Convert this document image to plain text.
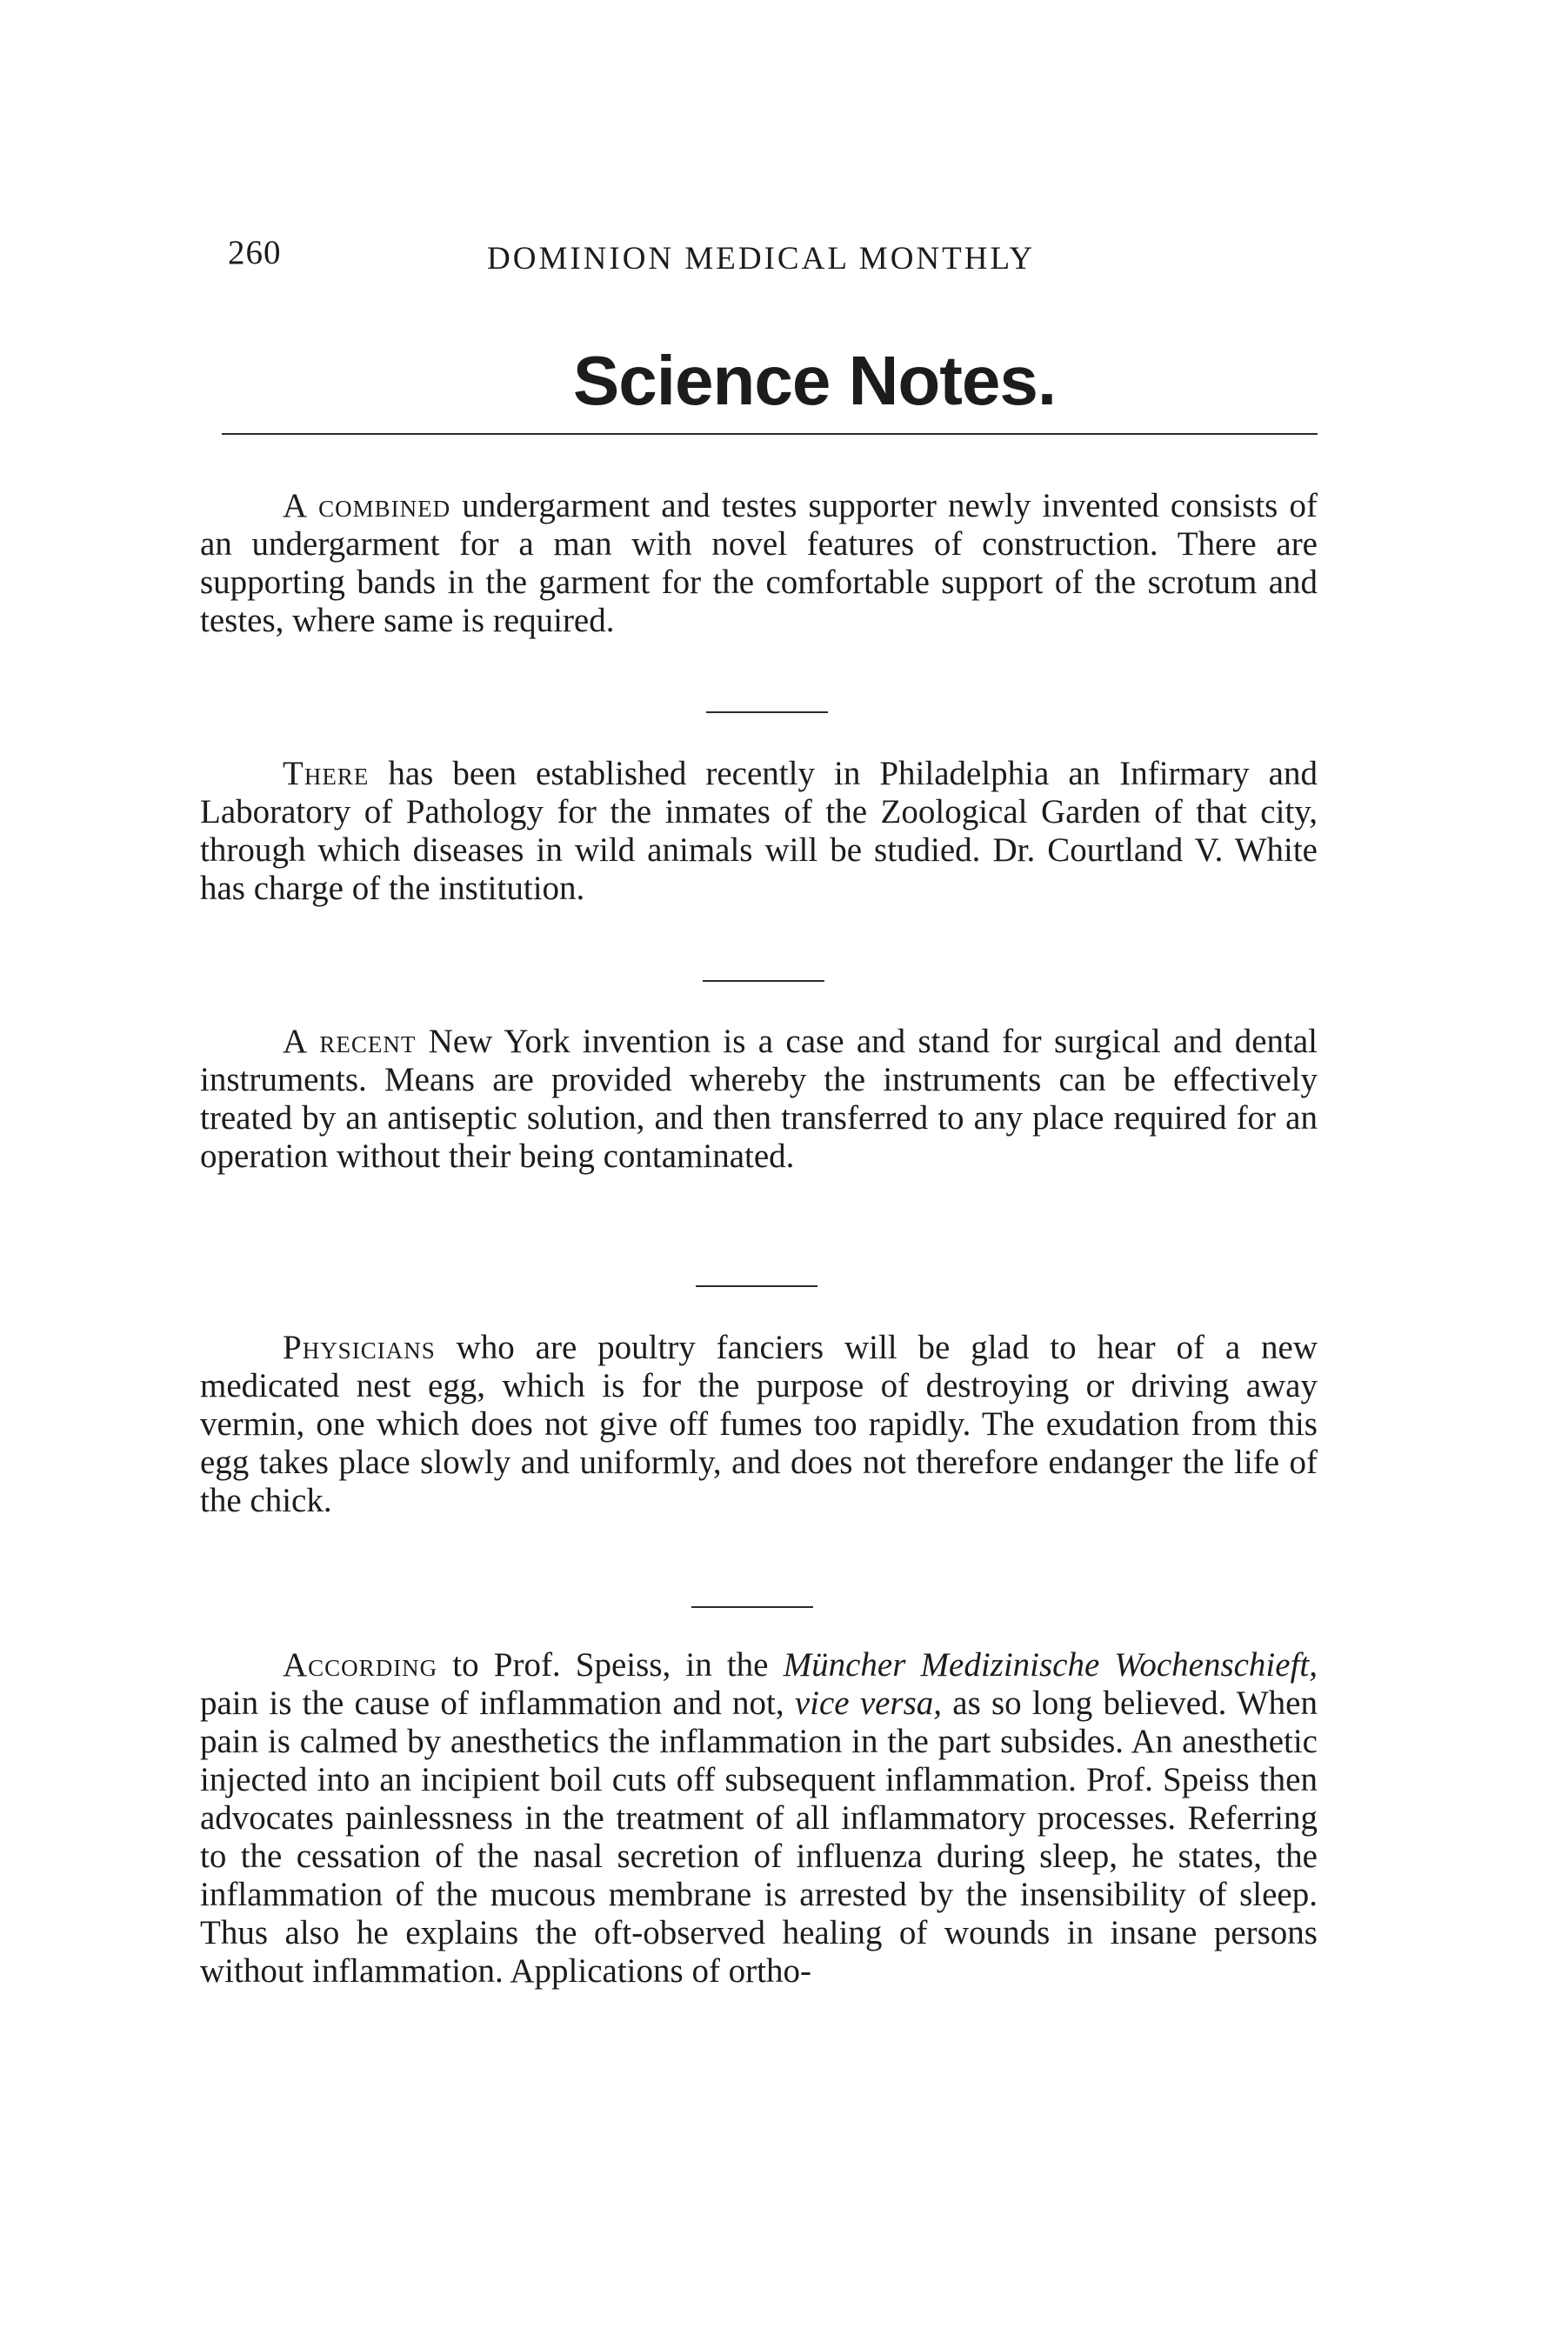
260	DOMINION MEDICAL MONTHLY
Science Notes.

A combined undergarment and testes supporter newly invented consists of an undergarment for a man with novel features of construction. There are supporting bands in the garment for the comfortable support of the scrotum and testes, where same is required.

There has been established recently in Philadelphia an Infirmary and Laboratory of Pathology for the inmates of the Zoological Garden of that city, through which diseases in wild animals will be studied. Dr. Courtland V. White has charge of the institution.

A recent New York invention is a case and stand for surgical and dental instruments. Means are provided whereby the instruments can be effectively treated by an antiseptic solution, and then transferred to any place required for an operation without their being contaminated.

Physicians who are poultry fanciers will be glad to hear of a new medicated nest egg, which is for the purpose of destroying or driving away vermin, one which does not give off fumes too rapidly. The exudation from this egg takes place slowly and uniformly, and does not therefore endanger the life of the chick.

According to Prof. Speiss, in the Müncher Medizinische Wochenschieft, pain is the cause of inflammation and not, vice versa, as so long believed. When pain is calmed by anesthetics the inflammation in the part subsides. An anesthetic injected into an incipient boil cuts off subsequent inflammation. Prof. Speiss then advocates painlessness in the treatment of all inflammatory processes. Referring to the cessation of the nasal secretion of influenza during sleep, he states, the inflammation of the mucous membrane is arrested by the insensibility of sleep. Thus also he explains the oft-observed healing of wounds in insane persons without inflammation. Applications of ortho-
